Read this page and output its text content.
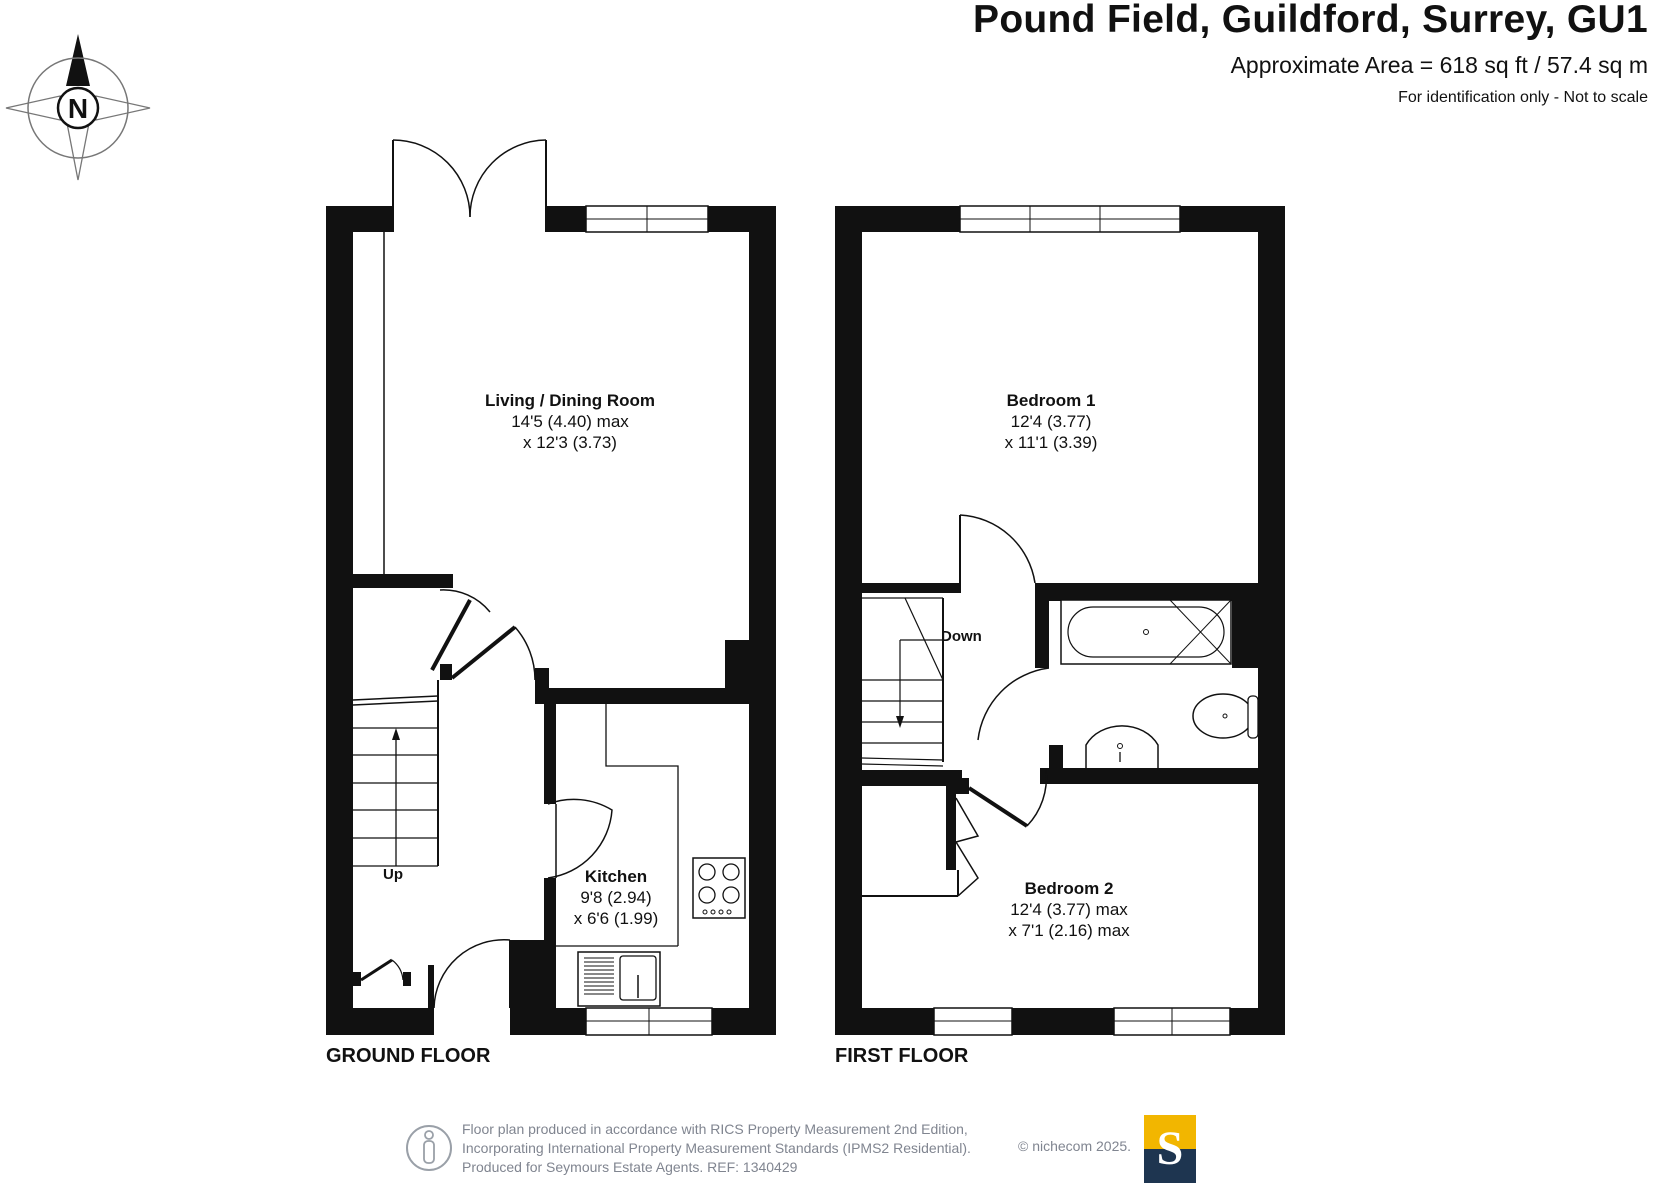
Pound Field, Guildford, Surrey, GU1
Approximate Area = 618 sq ft / 57.4 sq m
For identification only - Not to scale
N
GROUND FLOOR	FIRST FLOOR
Living / Dining Room
14'5 (4.40) max
x 12'3 (3.73)
Kitchen
9'8 (2.94)
x 6'6 (1.99)
Up
Bedroom 1
12'4 (3.77)
x 11'1 (3.39)
Bedroom 2
12'4 (3.77) max
x 7'1 (2.16) max
Down
Floor plan produced in accordance with RICS Property Measurement 2nd Edition,
Incorporating International Property Measurement Standards (IPMS2 Residential).
Produced for Seymours Estate Agents. REF: 1340429
© nichecom 2025. S
